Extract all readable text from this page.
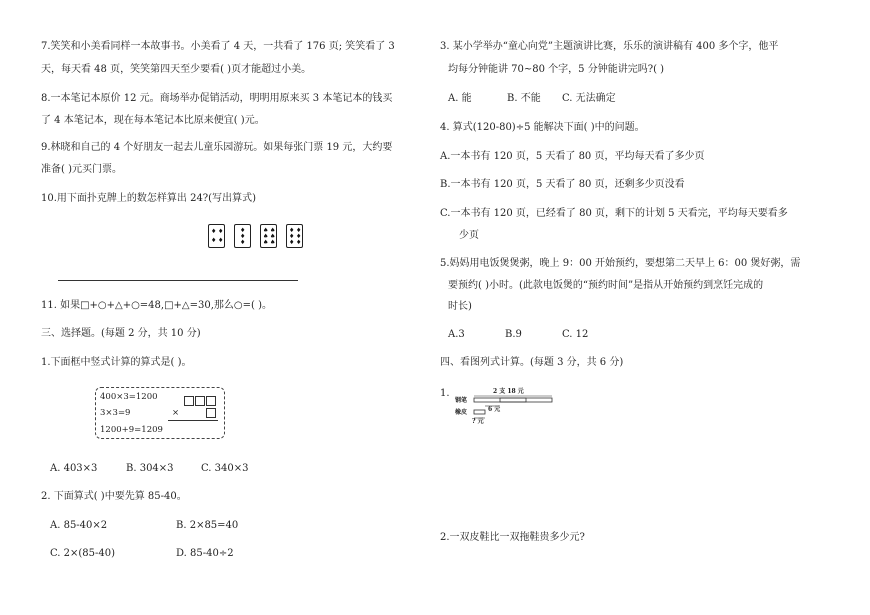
7.笑笑和小美看同样一本故事书。小美看了 4 天，一共看了 176 页; 笑笑看了 3
天，每天看 48 页，笑笑第四天至少要看( )页才能超过小美。
8.一本笔记本原价 12 元。商场举办促销活动，明明用原来买 3 本笔记本的钱买
了 4 本笔记本，现在每本笔记本比原来便宜( )元。
9.林晓和自己的 4 个好朋友一起去儿童乐园游玩。如果每张门票 19 元，大约要
准备( )元买门票。
10.用下面扑克牌上的数怎样算出 24?(写出算式)
♦ ♦
♦ ♦
♦
♦
♦
♠ ♠
♠ ♠
♠ ♠
♦ ♦
♦ ♦
♦ ♦
11. 如果□+○+△+○=48,□+△=30,那么○=( )。
三、选择题。(每题 2 分，共 10 分)
1.下面框中竖式计算的算式是( )。
400×3=1200
3×3=9
1200+9=1209
×
A. 403×3	B. 304×3	C. 340×3
2. 下面算式( )中要先算 85-40。
A. 85-40×2	B. 2×85=40
C. 2×(85-40)	D. 85-40÷2
3. 某小学举办“童心向党”主题演讲比赛，乐乐的演讲稿有 400 多个字，他平
均每分钟能讲 70~80 个字，5 分钟能讲完吗?( )
A. 能	B. 不能 C. 无法确定
4. 算式(120-80)÷5 能解决下面( )中的问题。
A.一本书有 120 页，5 天看了 80 页，平均每天看了多少页
B.一本书有 120 页，5 天看了 80 页，还剩多少页没看
C.一本书有 120 页，已经看了 80 页，剩下的计划 5 天看完，平均每天要看多
少页
5.妈妈用电饭煲煲粥，晚上 9：00 开始预约，要想第二天早上 6：00 煲好粥，需
要预约( )小时。(此款电饭煲的“预约时间”是指从开始预约到烹饪完成的
时长)
A.3	B.9	C. 12
四、看图列式计算。(每题 3 分，共 6 分)
1.	2 支 18 元
钢笔
6 元
橡皮
? 元
2.一双皮鞋比一双拖鞋贵多少元?
